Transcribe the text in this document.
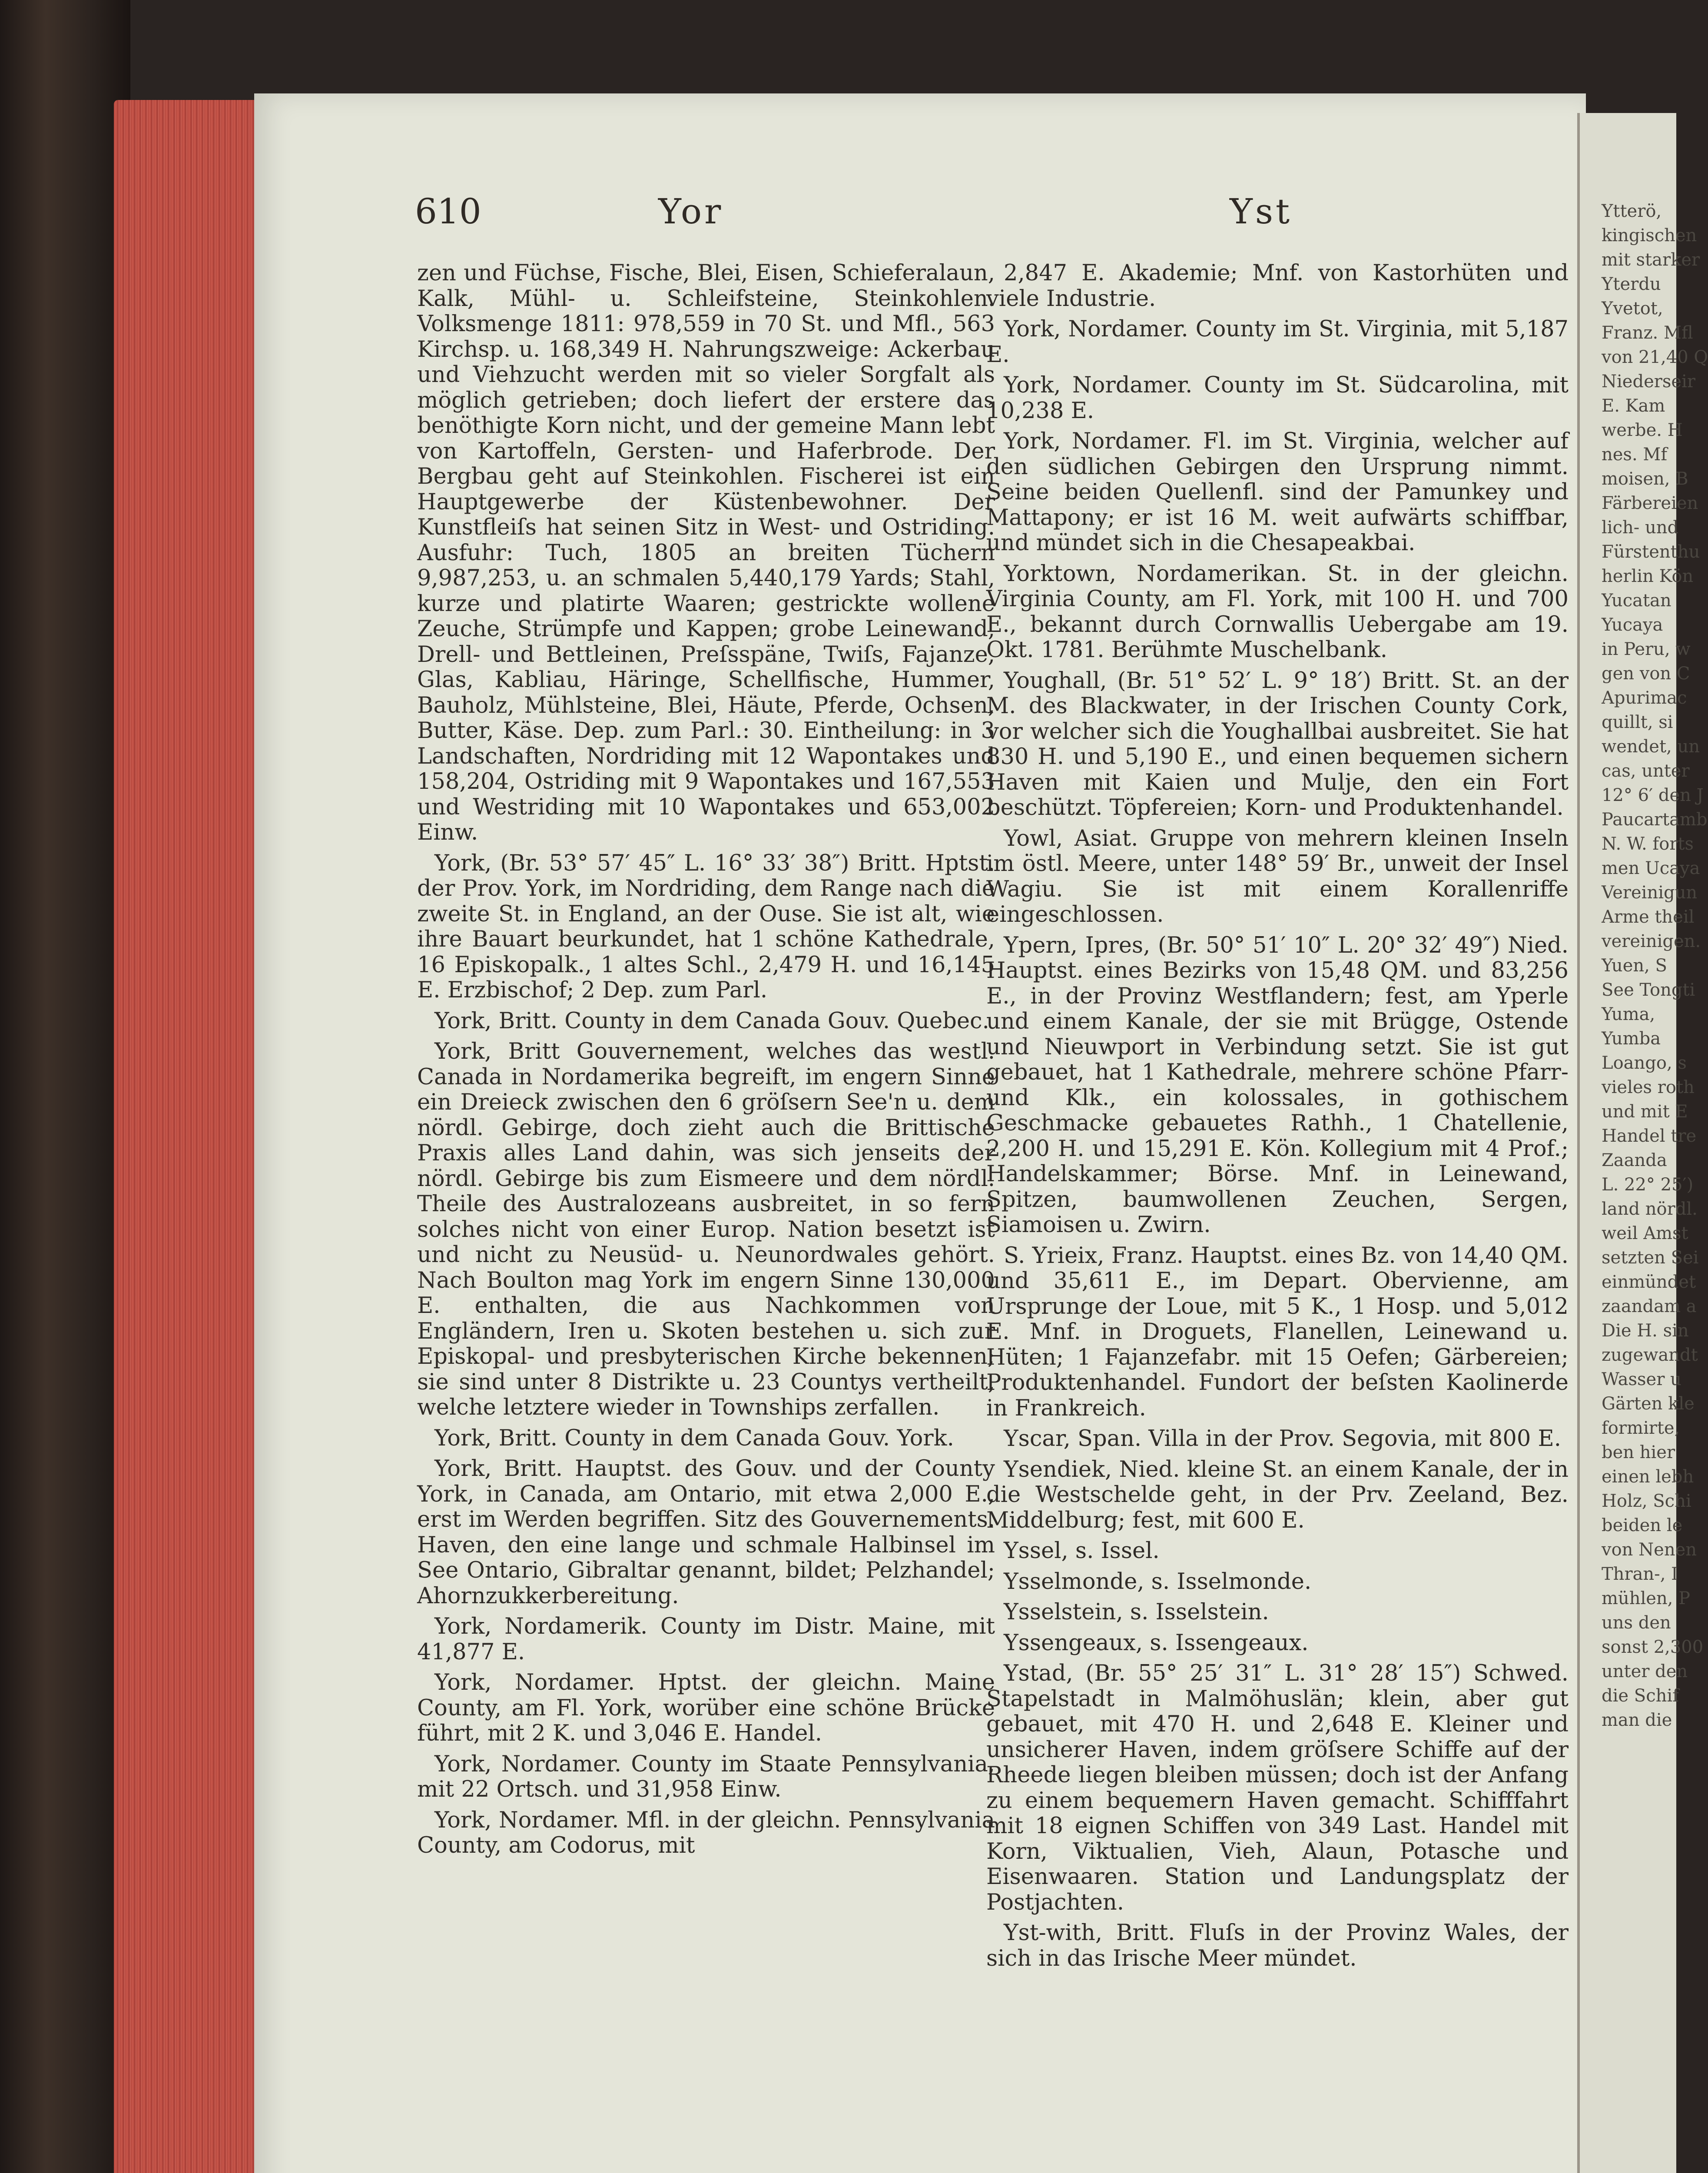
610	Yor	Yst

zen und Füchse, Fische, Blei, Eisen, Schieferalaun, Kalk, Mühl- u. Schleifsteine, Steinkohlen. Volksmenge 1811: 978,559 in 70 St. und Mfl., 563 Kirchsp. u. 168,349 H. Nahrungszweige: Ackerbau und Viehzucht werden mit so vieler Sorgfalt als möglich getrieben; doch liefert der erstere das benöthigte Korn nicht, und der gemeine Mann lebt von Kartoffeln, Gersten- und Haferbrode. Der Bergbau geht auf Steinkohlen. Fischerei ist ein Hauptgewerbe der Küstenbewohner. Der Kunstfleiſs hat seinen Sitz in West- und Ostriding. Ausfuhr: Tuch, 1805 an breiten Tüchern 9,987,253, u. an schmalen 5,440,179 Yards; Stahl, kurze und platirte Waaren; gestrickte wollene Zeuche, Strümpfe und Kappen; grobe Leinewand, Drell- und Bettleinen, Preſsspäne, Twiſs, Fajanze, Glas, Kabliau, Häringe, Schellfische, Hummer, Bauholz, Mühlsteine, Blei, Häute, Pferde, Ochsen, Butter, Käse. Dep. zum Parl.: 30. Eintheilung: in 3 Landschaften, Nordriding mit 12 Wapontakes und 158,204, Ostriding mit 9 Wapontakes und 167,553 und Westriding mit 10 Wapontakes und 653,002 Einw.

York, (Br. 53° 57′ 45″ L. 16° 33′ 38″) Britt. Hptst. der Prov. York, im Nordriding, dem Range nach die zweite St. in England, an der Ouse. Sie ist alt, wie ihre Bauart beurkundet, hat 1 schöne Kathedrale, 16 Episkopalk., 1 altes Schl., 2,479 H. und 16,145 E. Erzbischof; 2 Dep. zum Parl.

York, Britt. County in dem Canada Gouv. Quebec.

York, Britt Gouvernement, welches das westl. Canada in Nordamerika begreift, im engern Sinne ein Dreieck zwischen den 6 gröſsern See'n u. dem nördl. Gebirge, doch zieht auch die Brittische Praxis alles Land dahin, was sich jenseits der nördl. Gebirge bis zum Eismeere und dem nördl. Theile des Australozeans ausbreitet, in so fern solches nicht von einer Europ. Nation besetzt ist und nicht zu Neusüd- u. Neunordwales gehört. Nach Boulton mag York im engern Sinne 130,000 E. enthalten, die aus Nachkommen von Engländern, Iren u. Skoten bestehen u. sich zur Episkopal- und presbyterischen Kirche bekennen; sie sind unter 8 Distrikte u. 23 Countys vertheilt, welche letztere wieder in Townships zerfallen.

York, Britt. County in dem Canada Gouv. York.

York, Britt. Hauptst. des Gouv. und der County York, in Canada, am Ontario, mit etwa 2,000 E., erst im Werden begriffen. Sitz des Gouvernements. Haven, den eine lange und schmale Halbinsel im See Ontario, Gibraltar genannt, bildet; Pelzhandel; Ahornzukkerbereitung.

York, Nordamerik. County im Distr. Maine, mit 41,877 E.

York, Nordamer. Hptst. der gleichn. Maine County, am Fl. York, worüber eine schöne Brücke führt, mit 2 K. und 3,046 E. Handel.

York, Nordamer. County im Staate Pennsylvania, mit 22 Ortsch. und 31,958 Einw.

York, Nordamer. Mfl. in der gleichn. Pennsylvania County, am Codorus, mit

2,847 E. Akademie; Mnf. von Kastorhüten und viele Industrie.

York, Nordamer. County im St. Virginia, mit 5,187 E.

York, Nordamer. County im St. Südcarolina, mit 10,238 E.

York, Nordamer. Fl. im St. Virginia, welcher auf den südlichen Gebirgen den Ursprung nimmt. Seine beiden Quellenfl. sind der Pamunkey und Mattapony; er ist 16 M. weit aufwärts schiffbar, und mündet sich in die Chesapeakbai.

Yorktown, Nordamerikan. St. in der gleichn. Virginia County, am Fl. York, mit 100 H. und 700 E., bekannt durch Cornwallis Uebergabe am 19. Okt. 1781. Berühmte Muschelbank.

Youghall, (Br. 51° 52′ L. 9° 18′) Britt. St. an der M. des Blackwater, in der Irischen County Cork, vor welcher sich die Youghallbai ausbreitet. Sie hat 830 H. und 5,190 E., und einen bequemen sichern Haven mit Kaien und Mulje, den ein Fort beschützt. Töpfereien; Korn- und Produktenhandel.

Yowl, Asiat. Gruppe von mehrern kleinen Inseln im östl. Meere, unter 148° 59′ Br., unweit der Insel Wagiu. Sie ist mit einem Korallenriffe eingeschlossen.

Ypern, Ipres, (Br. 50° 51′ 10″ L. 20° 32′ 49″) Nied. Hauptst. eines Bezirks von 15,48 QM. und 83,256 E., in der Provinz Westflandern; fest, am Yperle und einem Kanale, der sie mit Brügge, Ostende und Nieuwport in Verbindung setzt. Sie ist gut gebauet, hat 1 Kathedrale, mehrere schöne Pfarr- und Klk., ein kolossales, in gothischem Geschmacke gebauetes Rathh., 1 Chatellenie, 2,200 H. und 15,291 E. Kön. Kollegium mit 4 Prof.; Handelskammer; Börse. Mnf. in Leinewand, Spitzen, baumwollenen Zeuchen, Sergen, Siamoisen u. Zwirn.

S. Yrieix, Franz. Hauptst. eines Bz. von 14,40 QM. und 35,611 E., im Depart. Obervienne, am Ursprunge der Loue, mit 5 K., 1 Hosp. und 5,012 E. Mnf. in Droguets, Flanellen, Leinewand u. Hüten; 1 Fajanzefabr. mit 15 Oefen; Gärbereien; Produktenhandel. Fundort der beſsten Kaolinerde in Frankreich.

Yscar, Span. Villa in der Prov. Segovia, mit 800 E.

Ysendiek, Nied. kleine St. an einem Kanale, der in die Westschelde geht, in der Prv. Zeeland, Bez. Middelburg; fest, mit 600 E.

Yssel, s. Issel.

Ysselmonde, s. Isselmonde.

Ysselstein, s. Isselstein.

Yssengeaux, s. Issengeaux.

Ystad, (Br. 55° 25′ 31″ L. 31° 28′ 15″) Schwed. Stapelstadt in Malmöhuslän; klein, aber gut gebauet, mit 470 H. und 2,648 E. Kleiner und unsicherer Haven, indem gröſsere Schiffe auf der Rheede liegen bleiben müssen; doch ist der Anfang zu einem bequemern Haven gemacht. Schifffahrt mit 18 eignen Schiffen von 349 Last. Handel mit Korn, Viktualien, Vieh, Alaun, Potasche und Eisenwaaren. Station und Landungsplatz der Postjachten.

Yst-with, Britt. Fluſs in der Provinz Wales, der sich in das Irische Meer mündet.

Ytterö,
kingischen
mit starker
Yterdu
Yvetot,
Franz. Mfl
von 21,40 Q
Niederseir
E. Kam
werbe. H
nes. Mf
moisen, B
Färbereien
lich- und
Fürstenthu
herlin Kön
Yucatan
Yucaya
in Peru, w
gen von C
Apurimac
quillt, si
wendet, un
cas, unter
12° 6′ den J
Paucartamb
N. W. forts
men Ucaya
Vereinigun
Arme theil
vereinigen.
Yuen, S
See Tongti
Yuma,
Yumba
Loango, s
vieles roth
und mit E
Handel tre
Zaanda
L. 22° 25′)
land nördl.
weil Amst
setzten Sei
einmündet
zaandam a
Die H. sin
zugewandt
Wasser u
Gärten kle
formirte,
ben hier
einen lebh
Holz, Schi
beiden le
von Nenen
Thran-, I
mühlen, P
uns den
sonst 2,300
unter den
die Schif
man die
